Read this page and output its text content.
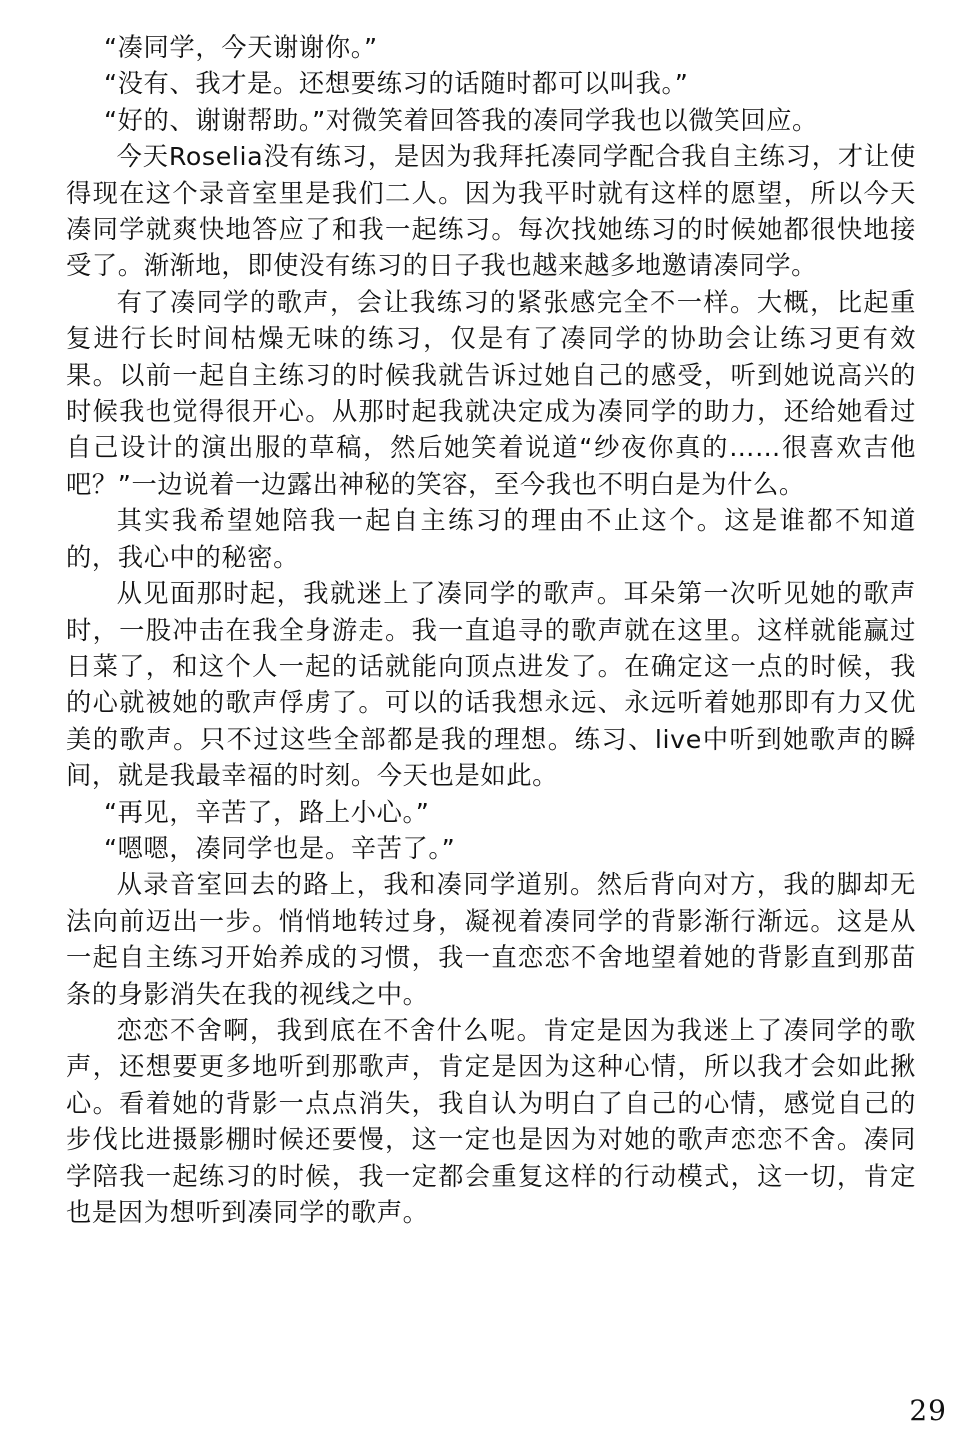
“凑同学，今天谢谢你。”

“没有、我才是。还想要练习的话随时都可以叫我。”

“好的、谢谢帮助。”对微笑着回答我的凑同学我也以微笑回应。

今天Roselia没有练习，是因为我拜托凑同学配合我自主练习，才让使得现在这个录音室里是我们二人。因为我平时就有这样的愿望，所以今天凑同学就爽快地答应了和我一起练习。每次找她练习的时候她都很快地接受了。渐渐地，即使没有练习的日子我也越来越多地邀请凑同学。

有了凑同学的歌声，会让我练习的紧张感完全不一样。大概，比起重复进行长时间枯燥无味的练习，仅是有了凑同学的协助会让练习更有效果。以前一起自主练习的时候我就告诉过她自己的感受，听到她说高兴的时候我也觉得很开心。从那时起我就决定成为凑同学的助力，还给她看过自己设计的演出服的草稿，然后她笑着说道“纱夜你真的……很喜欢吉他吧？”一边说着一边露出神秘的笑容，至今我也不明白是为什么。

其实我希望她陪我一起自主练习的理由不止这个。这是谁都不知道的，我心中的秘密。

从见面那时起，我就迷上了凑同学的歌声。耳朵第一次听见她的歌声时，一股冲击在我全身游走。我一直追寻的歌声就在这里。这样就能赢过日菜了，和这个人一起的话就能向顶点进发了。在确定这一点的时候，我的心就被她的歌声俘虏了。可以的话我想永远、永远听着她那即有力又优美的歌声。只不过这些全部都是我的理想。练习、live中听到她歌声的瞬间，就是我最幸福的时刻。今天也是如此。

“再见，辛苦了，路上小心。”

“嗯嗯，凑同学也是。辛苦了。”

从录音室回去的路上，我和凑同学道别。然后背向对方，我的脚却无法向前迈出一步。悄悄地转过身，凝视着凑同学的背影渐行渐远。这是从一起自主练习开始养成的习惯，我一直恋恋不舍地望着她的背影直到那苗条的身影消失在我的视线之中。

恋恋不舍啊，我到底在不舍什么呢。肯定是因为我迷上了凑同学的歌声，还想要更多地听到那歌声，肯定是因为这种心情，所以我才会如此揪心。看着她的背影一点点消失，我自认为明白了自己的心情，感觉自己的步伐比进摄影棚时候还要慢，这一定也是因为对她的歌声恋恋不舍。凑同学陪我一起练习的时候，我一定都会重复这样的行动模式，这一切，肯定也是因为想听到凑同学的歌声。

29
